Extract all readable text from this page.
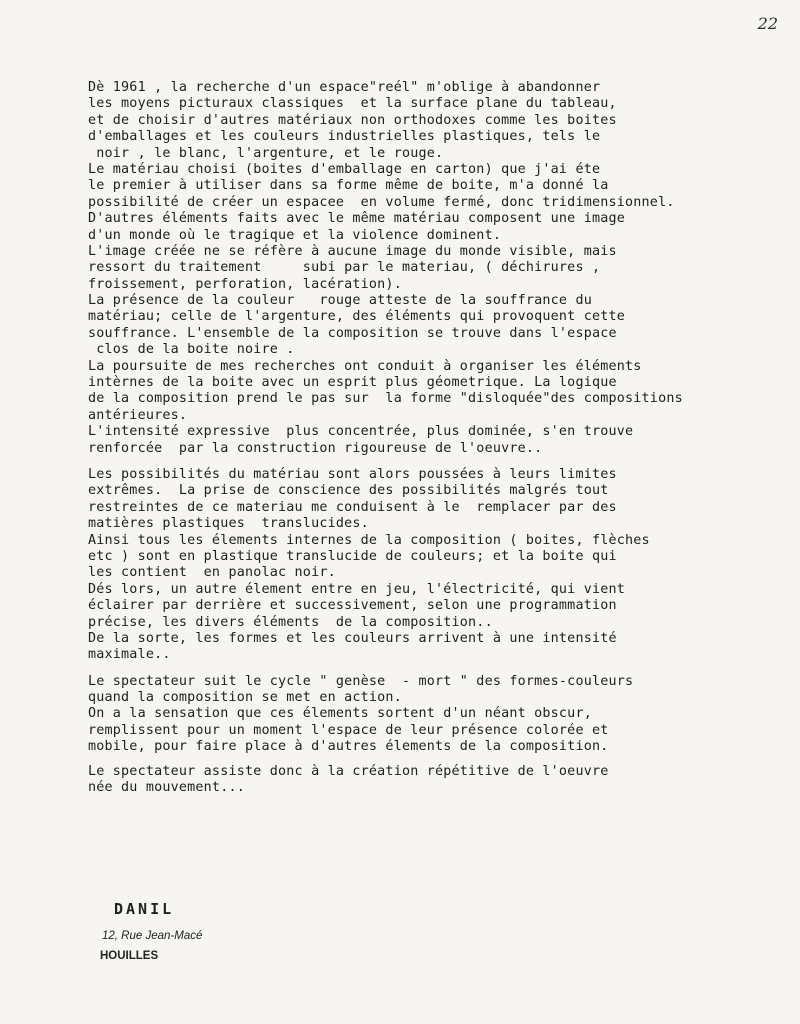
22
Dè 1961 , la recherche d'un espace"reél" m'oblige à abandonner
les moyens picturaux classiques  et la surface plane du tableau,
et de choisir d'autres matériaux non orthodoxes comme les boites
d'emballages et les couleurs industrielles plastiques, tels le
noir , le blanc, l'argenture, et le rouge.
Le matériau choisi (boites d'emballage en carton) que j'ai éte
le premier à utiliser dans sa forme même de boite, m'a donné la
possibilité de créer un espacee  en volume fermé, donc tridimensionnel.
D'autres éléments faits avec le même matériau composent une image
d'un monde où le tragique et la violence dominent.
L'image créée ne se réfère à aucune image du monde visible, mais
ressort du traitement     subi par le materiau, ( déchirures ,
froissement, perforation, lacération).
La présence de la couleur   rouge atteste de la souffrance du
matériau; celle de l'argenture, des éléments qui provoquent cette
souffrance. L'ensemble de la composition se trouve dans l'espace
clos de la boite noire .
La poursuite de mes recherches ont conduit à organiser les éléments
intèrnes de la boite avec un esprit plus géometrique. La logique
de la composition prend le pas sur  la forme "disloquée"des compositions
antérieures.
L'intensité expressive  plus concentrée, plus dominée, s'en trouve
renforcée  par la construction rigoureuse de l'oeuvre..
Les possibilités du matériau sont alors poussées à leurs limites
extrêmes.  La prise de conscience des possibilités malgrés tout
restreintes de ce materiau me conduisent à le  remplacer par des
matières plastiques  translucides.
Ainsi tous les élements internes de la composition ( boites, flèches
etc ) sont en plastique translucide de couleurs; et la boite qui
les contient  en panolac noir.
Dés lors, un autre élement entre en jeu, l'électricité, qui vient
éclairer par derrière et successivement, selon une programmation
précise, les divers éléments  de la composition..
De la sorte, les formes et les couleurs arrivent à une intensité
maximale..
Le spectateur suit le cycle " genèse  - mort " des formes-couleurs
quand la composition se met en action.
On a la sensation que ces élements sortent d'un néant obscur,
remplissent pour un moment l'espace de leur présence colorée et
mobile, pour faire place à d'autres élements de la composition.
Le spectateur assiste donc à la création répétitive de l'oeuvre
née du mouvement...
DANIL
12, Rue Jean-Macé
HOUILLES
